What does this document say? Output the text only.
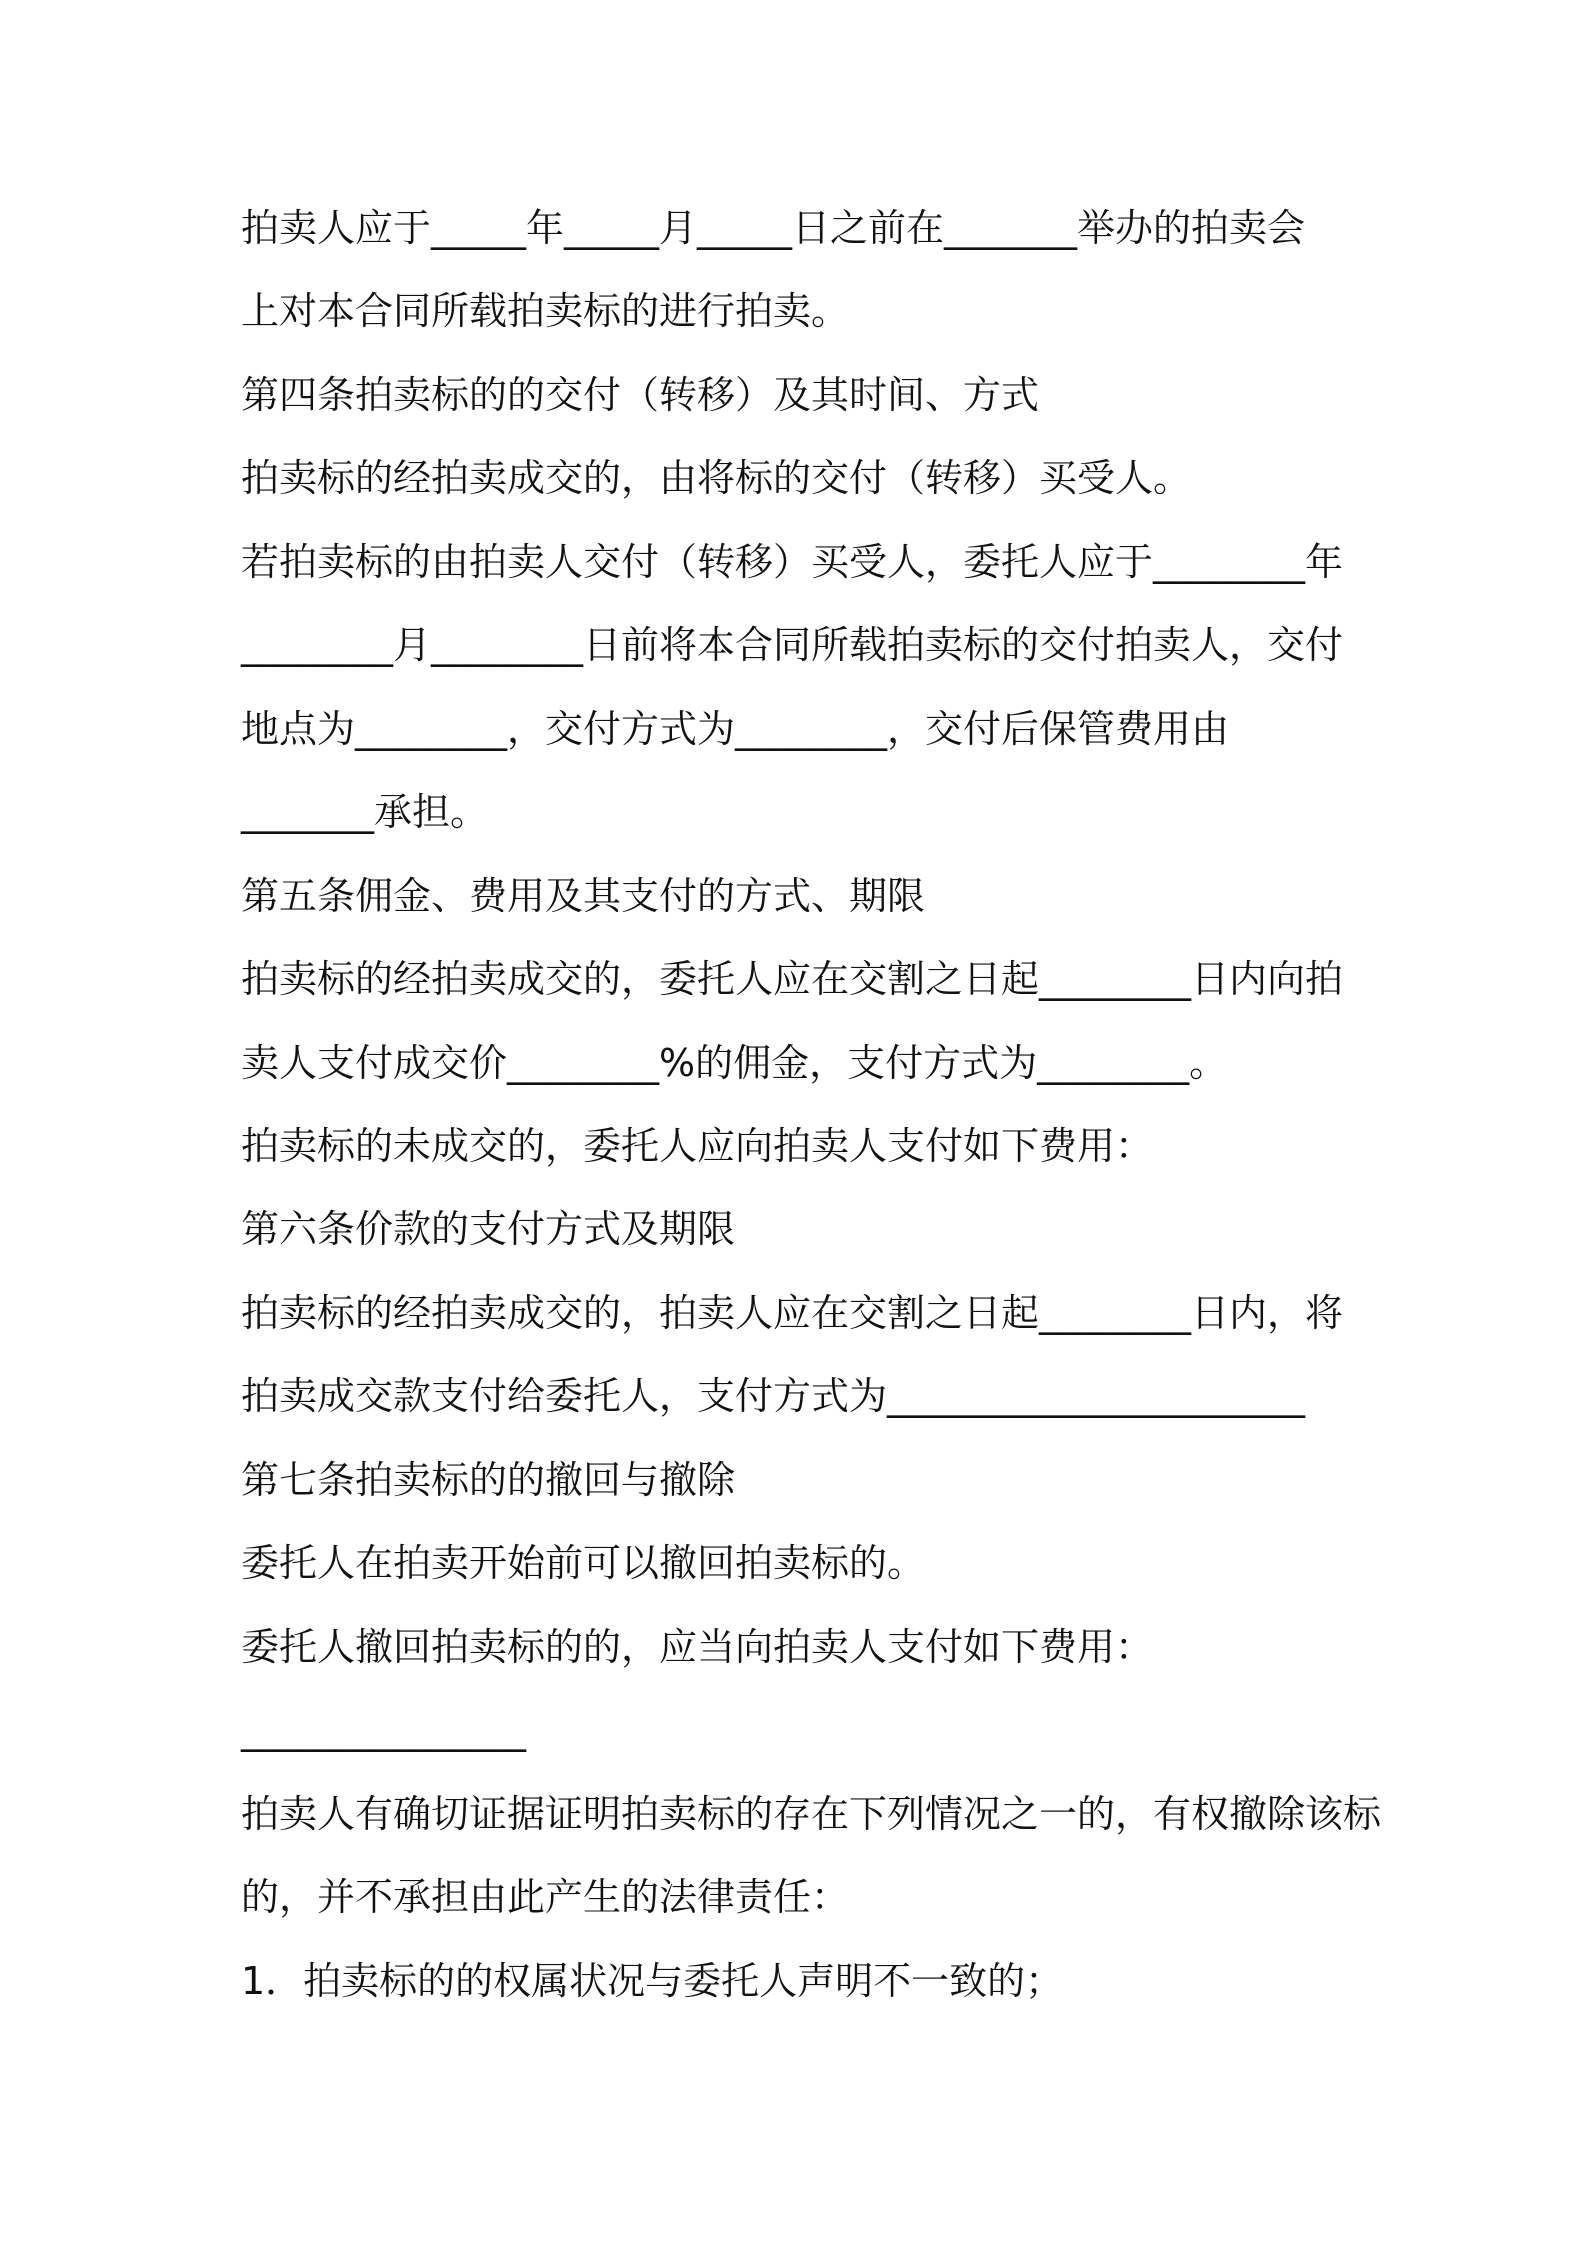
拍卖人应于_____年_____月_____日之前在_______举办的拍卖会

上对本合同所载拍卖标的进行拍卖。

第四条拍卖标的的交付（转移）及其时间、方式

拍卖标的经拍卖成交的，由将标的交付（转移）买受人。

若拍卖标的由拍卖人交付（转移）买受人，委托人应于________年

________月________日前将本合同所载拍卖标的交付拍卖人，交付

地点为________，交付方式为________，交付后保管费用由

_______承担。

第五条佣金、费用及其支付的方式、期限

拍卖标的经拍卖成交的，委托人应在交割之日起________日内向拍

卖人支付成交价________%的佣金，支付方式为________。

拍卖标的未成交的，委托人应向拍卖人支付如下费用：

第六条价款的支付方式及期限

拍卖标的经拍卖成交的，拍卖人应在交割之日起________日内，将

拍卖成交款支付给委托人，支付方式为______________________

第七条拍卖标的的撤回与撤除

委托人在拍卖开始前可以撤回拍卖标的。

委托人撤回拍卖标的的，应当向拍卖人支付如下费用：

_______________

拍卖人有确切证据证明拍卖标的存在下列情况之一的，有权撤除该标

的，并不承担由此产生的法律责任：

1．拍卖标的的权属状况与委托人声明不一致的；
